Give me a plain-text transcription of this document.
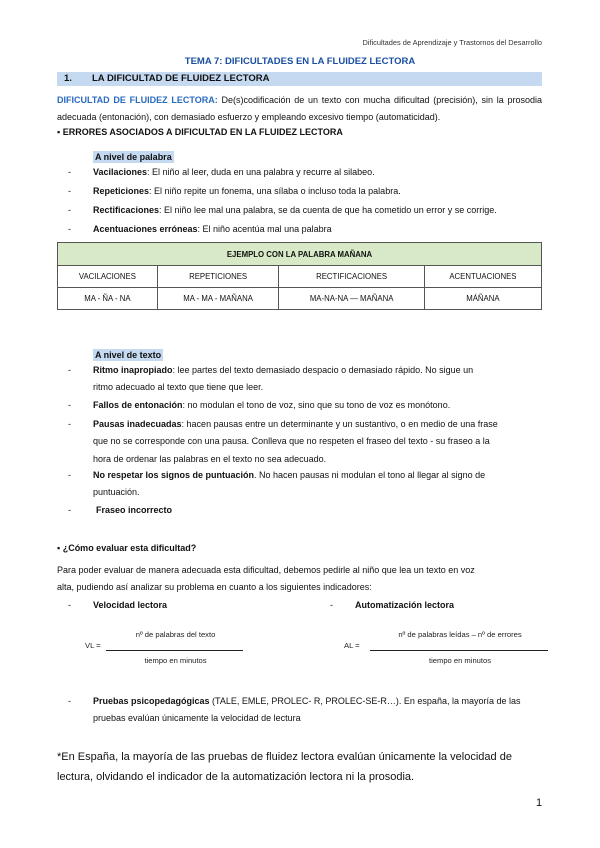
Dificultades de Aprendizaje y Trastornos del Desarrollo
TEMA 7: DIFICULTADES EN LA FLUIDEZ LECTORA
1. LA DIFICULTAD DE FLUIDEZ LECTORA
DIFICULTAD DE FLUIDEZ LECTORA: De(s)codificación de un texto con mucha dificultad (precisión), sin la prosodia adecuada (entonación), con demasiado esfuerzo y empleando excesivo tiempo (automaticidad).
▪ ERRORES ASOCIADOS A DIFICULTAD EN LA FLUIDEZ LECTORA
A nivel de palabra
- Vacilaciones: El niño al leer, duda en una palabra y recurre al silabeo.
- Repeticiones: El niño repite un fonema, una sílaba o incluso toda la palabra.
- Rectificaciones: El niño lee mal una palabra, se da cuenta de que ha cometido un error y se corrige.
- Acentuaciones erróneas: El niño acentúa mal una palabra
EJEMPLO CON LA PALABRA MAÑANA			
VACILACIONES	REPETICIONES	RECTIFICACIONES	ACENTUACIONES
MA - ÑA - NA	MA - MA - MAÑANA	MA-NA-NA — MAÑANA	MÁÑANA
A nivel de texto
- Ritmo inapropiado: lee partes del texto demasiado despacio o demasiado rápido. No sigue un
ritmo adecuado al texto que tiene que leer.
- Fallos de entonación: no modulan el tono de voz, sino que su tono de voz es monótono.
- Pausas inadecuadas: hacen pausas entre un determinante y un sustantivo, o en medio de una frase
que no se corresponde con una pausa. Conlleva que no respeten el fraseo del texto - su fraseo a la
hora de ordenar las palabras en el texto no sea adecuado.
- No respetar los signos de puntuación. No hacen pausas ni modulan el tono al llegar al signo de
puntuación.
-	Fraseo incorrecto
▪ ¿Cómo evaluar esta dificultad?
Para poder evaluar de manera adecuada esta dificultad, debemos pedirle al niño que lea un texto en voz
alta, pudiendo así analizar su problema en cuanto a los siguientes indicadores:
- Velocidad lectora	- Automatización lectora
VL =
nº de palabras del texto
tiempo en minutos
AL =
nº de palabras leídas – nº de errores
tiempo en minutos
- Pruebas psicopedagógicas (TALE, EMLE, PROLEC- R, PROLEC-SE-R…). En españa, la mayoría de las
pruebas evalúan únicamente la velocidad de lectura
*En España, la mayoría de las pruebas de fluidez lectora evalúan únicamente la velocidad de
lectura, olvidando el indicador de la automatización lectora ni la prosodia.
1
